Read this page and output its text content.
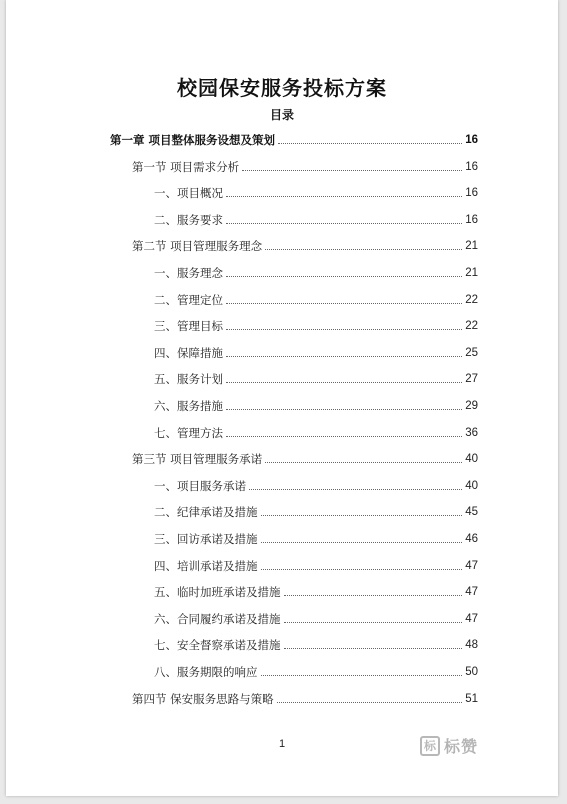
校园保安服务投标方案
目录
第一章 项目整体服务设想及策划	16
第一节 项目需求分析	16
一、项目概况	16
二、服务要求	16
第二节 项目管理服务理念	21
一、服务理念	21
二、管理定位	22
三、管理目标	22
四、保障措施	25
五、服务计划	27
六、服务措施	29
七、管理方法	36
第三节 项目管理服务承诺	40
一、项目服务承诺	40
二、纪律承诺及措施	45
三、回访承诺及措施	46
四、培训承诺及措施	47
五、临时加班承诺及措施	47
六、合同履约承诺及措施	47
七、安全督察承诺及措施	48
八、服务期限的响应	50
第四节 保安服务思路与策略	51
1	标 标赞
